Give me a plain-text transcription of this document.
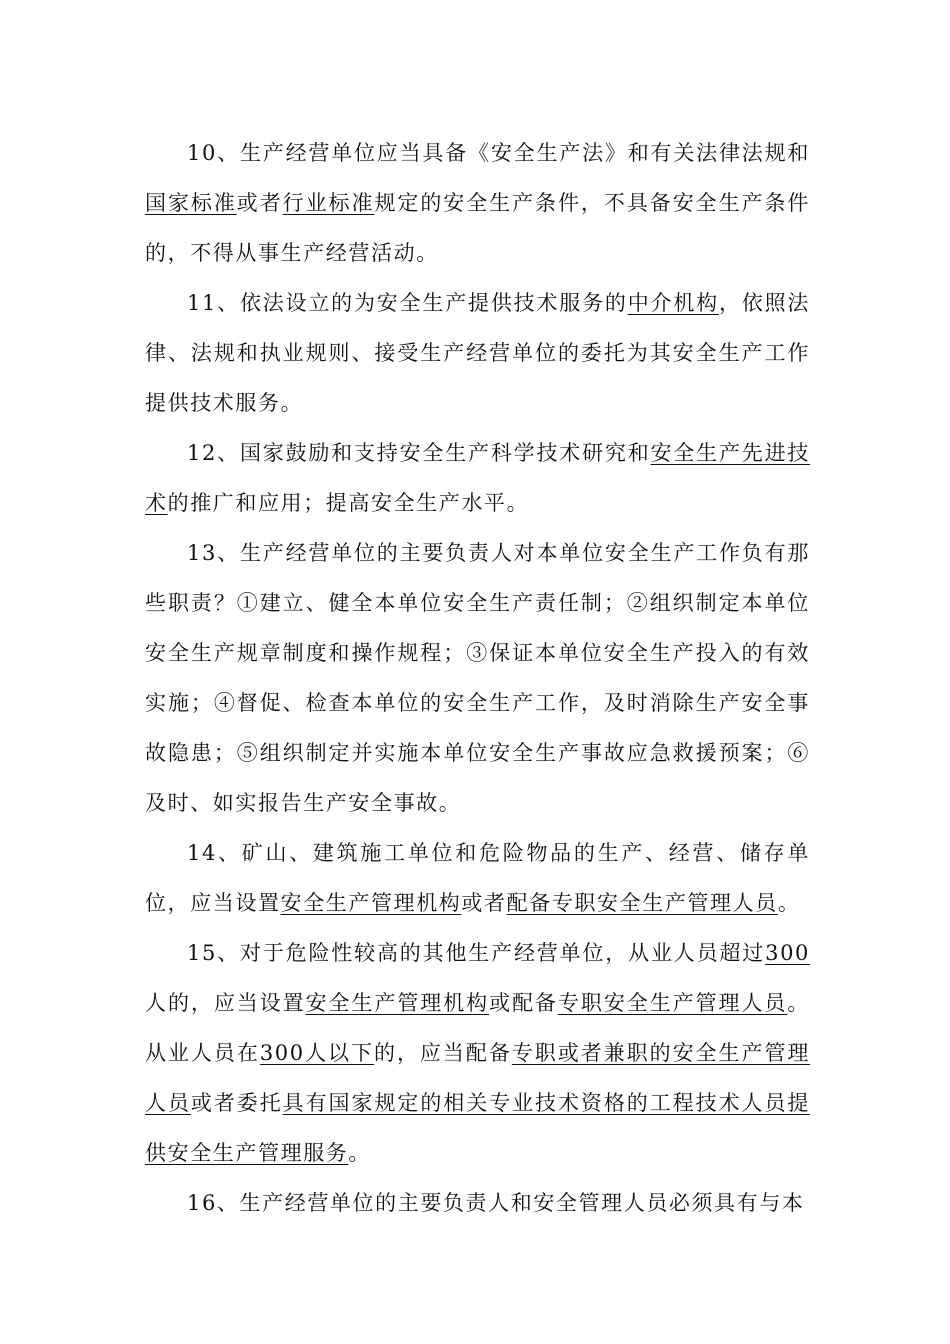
10、生产经营单位应当具备《安全生产法》和有关法律法规和国家标准或者行业标准规定的安全生产条件，不具备安全生产条件的，不得从事生产经营活动。

11、依法设立的为安全生产提供技术服务的中介机构，依照法律、法规和执业规则、接受生产经营单位的委托为其安全生产工作提供技术服务。

12、国家鼓励和支持安全生产科学技术研究和安全生产先进技术的推广和应用；提高安全生产水平。

13、生产经营单位的主要负责人对本单位安全生产工作负有那些职责？①建立、健全本单位安全生产责任制；②组织制定本单位安全生产规章制度和操作规程；③保证本单位安全生产投入的有效实施；④督促、检查本单位的安全生产工作，及时消除生产安全事故隐患；⑤组织制定并实施本单位安全生产事故应急救援预案；⑥及时、如实报告生产安全事故。

14、矿山、建筑施工单位和危险物品的生产、经营、储存单位，应当设置安全生产管理机构或者配备专职安全生产管理人员。

15、对于危险性较高的其他生产经营单位，从业人员超过300人的，应当设置安全生产管理机构或配备专职安全生产管理人员。从业人员在300人以下的，应当配备专职或者兼职的安全生产管理人员或者委托具有国家规定的相关专业技术资格的工程技术人员提供安全生产管理服务。

16、生产经营单位的主要负责人和安全管理人员必须具有与本
